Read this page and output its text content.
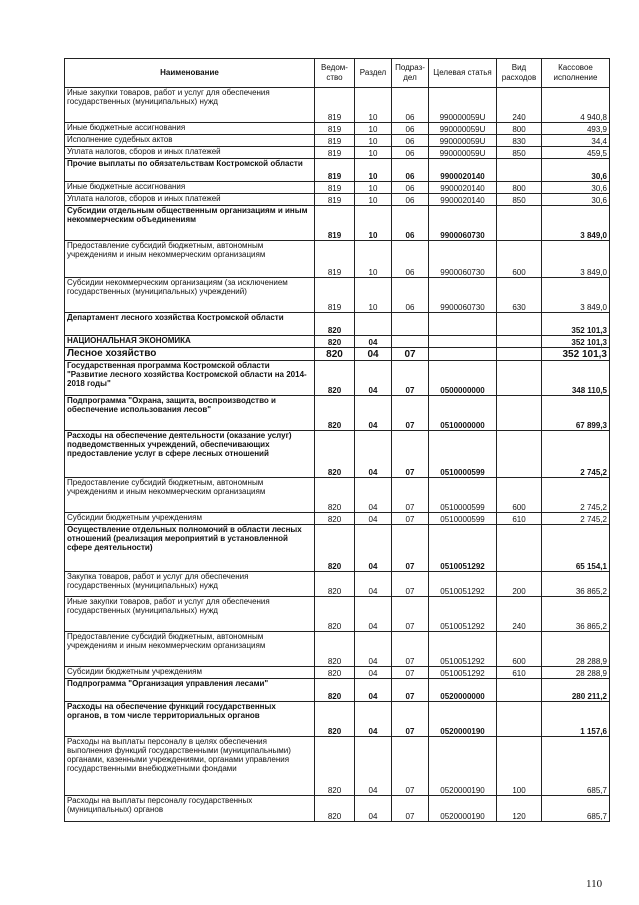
Наименование	Ведом-ство	Раздел	Подраз-дел	Целевая статья	Вид расходов	Кассовое исполнение
Иные закупки товаров, работ и услуг для обеспечения государственных (муниципальных) нужд	819	10	06	990000059U	240	4 940,8
Иные бюджетные ассигнования	819	10	06	990000059U	800	493,9
Исполнение судебных актов	819	10	06	990000059U	830	34,4
Уплата налогов, сборов и иных платежей	819	10	06	990000059U	850	459,5
Прочие выплаты по обязательствам Костромской области	819	10	06	9900020140		30,6
Иные бюджетные ассигнования	819	10	06	9900020140	800	30,6
Уплата налогов, сборов и иных платежей	819	10	06	9900020140	850	30,6
Субсидии отдельным общественным организациям и иным некоммерческим объединениям	819	10	06	9900060730		3 849,0
Предоставление субсидий бюджетным, автономным учреждениям и иным некоммерческим организациям	819	10	06	9900060730	600	3 849,0
Субсидии некоммерческим организациям (за исключением государственных (муниципальных) учреждений)	819	10	06	9900060730	630	3 849,0
Департамент лесного хозяйства Костромской области	820					352 101,3
НАЦИОНАЛЬНАЯ ЭКОНОМИКА	820	04				352 101,3
Лесное хозяйство	820	04	07			352 101,3
Государственная программа Костромской области "Развитие лесного хозяйства Костромской области на 2014-2018 годы"	820	04	07	0500000000		348 110,5
Подпрограмма "Охрана, защита, воспроизводство и обеспечение использования лесов"	820	04	07	0510000000		67 899,3
Расходы на обеспечение деятельности (оказание услуг) подведомственных учреждений, обеспечивающих предоставление услуг в сфере лесных отношений	820	04	07	0510000599		2 745,2
Предоставление субсидий бюджетным, автономным учреждениям и иным некоммерческим организациям	820	04	07	0510000599	600	2 745,2
Субсидии бюджетным учреждениям	820	04	07	0510000599	610	2 745,2
Осуществление отдельных полномочий в области лесных отношений (реализация мероприятий в установленной сфере деятельности)	820	04	07	0510051292		65 154,1
Закупка товаров, работ и услуг для обеспечения государственных (муниципальных) нужд	820	04	07	0510051292	200	36 865,2
Иные закупки товаров, работ и услуг для обеспечения государственных (муниципальных) нужд	820	04	07	0510051292	240	36 865,2
Предоставление субсидий бюджетным, автономным учреждениям и иным некоммерческим организациям	820	04	07	0510051292	600	28 288,9
Субсидии бюджетным учреждениям	820	04	07	0510051292	610	28 288,9
Подпрограмма "Организация управления лесами"	820	04	07	0520000000		280 211,2
Расходы на обеспечение функций государственных органов, в том числе территориальных органов	820	04	07	0520000190		1 157,6
Расходы на выплаты персоналу в целях обеспечения выполнения функций государственными (муниципальными) органами, казенными учреждениями, органами управления государственными внебюджетными фондами	820	04	07	0520000190	100	685,7
Расходы на выплаты персоналу государственных (муниципальных) органов	820	04	07	0520000190	120	685,7
110
